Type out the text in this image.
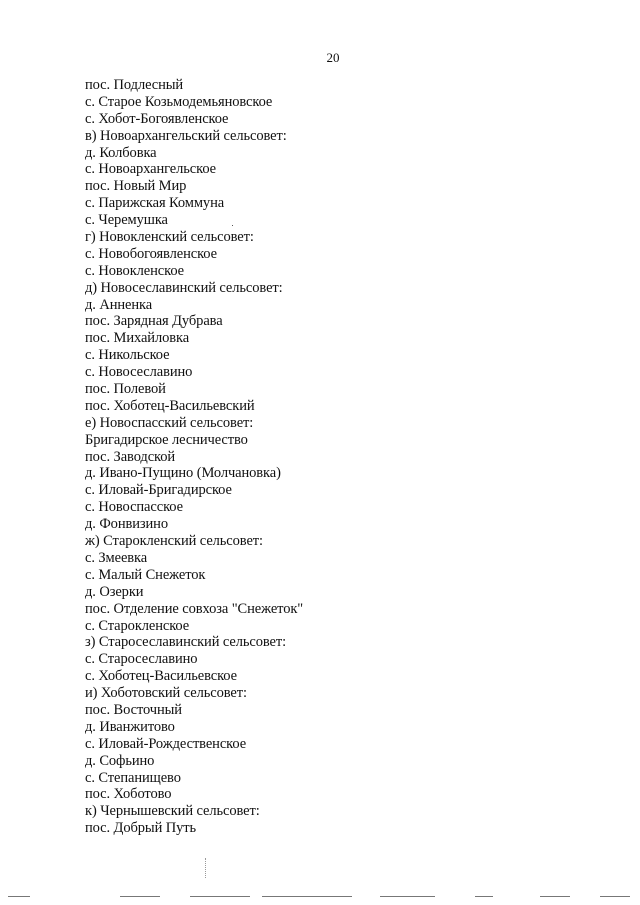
20
пос. Подлесный
с. Старое Козьмодемьяновское
с. Хобот-Богоявленское
в) Новоархангельский сельсовет:
д. Колбовка
с. Новоархангельское
пос. Новый Мир
с. Парижская Коммуна
с. Черемушка
г) Новокленский сельсовет:
с. Новобогоявленское
с. Новокленское
д) Новосеславинский сельсовет:
д. Анненка
пос. Зарядная Дубрава
пос. Михайловка
с. Никольское
с. Новосеславино
пос. Полевой
пос. Хоботец-Васильевский
е) Новоспасский сельсовет:
Бригадирское лесничество
пос. Заводской
д. Ивано-Пущино (Молчановка)
с. Иловай-Бригадирское
с. Новоспасское
д. Фонвизино
ж) Старокленский сельсовет:
с. Змеевка
с. Малый Снежеток
д. Озерки
пос. Отделение совхоза "Снежеток"
с. Старокленское
з) Старосеславинский сельсовет:
с. Старосеславино
с. Хоботец-Васильевское
и) Хоботовский сельсовет:
пос. Восточный
д. Иванжитово
с. Иловай-Рождественское
д. Софьино
с. Степанищево
пос. Хоботово
к) Чернышевский сельсовет:
пос. Добрый Путь
